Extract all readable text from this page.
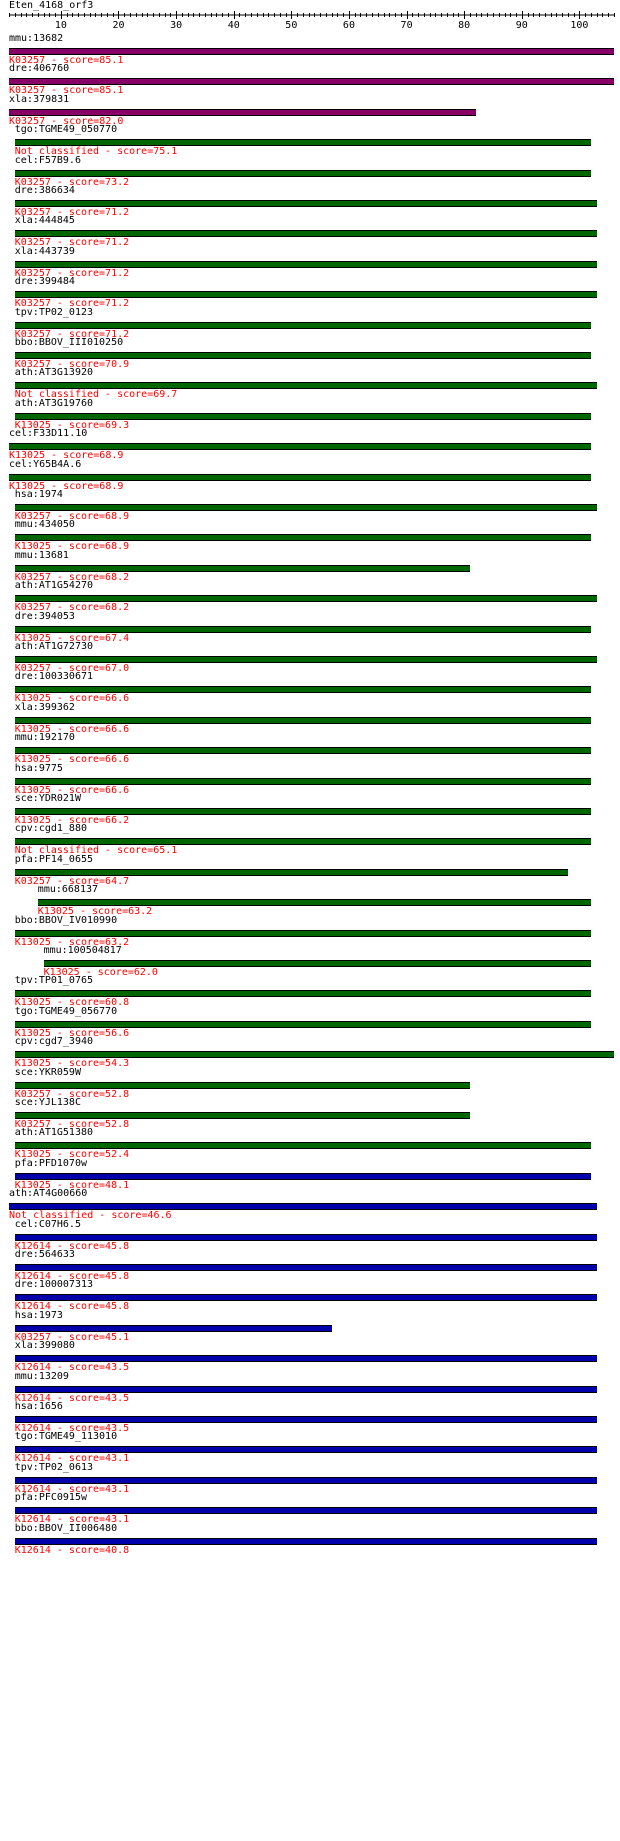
Eten_4168_orf3
10	20	30	40	50	60	70	80	90	100
mmu:13682
K03257 - score=85.1
dre:406760
K03257 - score=85.1
xla:379831
K03257 - score=82.0
tgo:TGME49_050770
Not classified - score=75.1
cel:F57B9.6
K03257 - score=73.2
dre:386634
K03257 - score=71.2
xla:444845
K03257 - score=71.2
xla:443739
K03257 - score=71.2
dre:399484
K03257 - score=71.2
tpv:TP02_0123
K03257 - score=71.2
bbo:BBOV_III010250
K03257 - score=70.9
ath:AT3G13920
Not classified - score=69.7
ath:AT3G19760
K13025 - score=69.3
cel:F33D11.10
K13025 - score=68.9
cel:Y65B4A.6
K13025 - score=68.9
hsa:1974
K03257 - score=68.9
mmu:434050
K13025 - score=68.9
mmu:13681
K03257 - score=68.2
ath:AT1G54270
K03257 - score=68.2
dre:394053
K13025 - score=67.4
ath:AT1G72730
K03257 - score=67.0
dre:100330671
K13025 - score=66.6
xla:399362
K13025 - score=66.6
mmu:192170
K13025 - score=66.6
hsa:9775
K13025 - score=66.6
sce:YDR021W
K13025 - score=66.2
cpv:cgd1_880
Not classified - score=65.1
pfa:PF14_0655
K03257 - score=64.7
mmu:668137
K13025 - score=63.2
bbo:BBOV_IV010990
K13025 - score=63.2
mmu:100504817
K13025 - score=62.0
tpv:TP01_0765
K13025 - score=60.8
tgo:TGME49_056770
K13025 - score=56.6
cpv:cgd7_3940
K13025 - score=54.3
sce:YKR059W
K03257 - score=52.8
sce:YJL138C
K03257 - score=52.8
ath:AT1G51380
K13025 - score=52.4
pfa:PFD1070w
K13025 - score=48.1
ath:AT4G00660
Not classified - score=46.6
cel:C07H6.5
K12614 - score=45.8
dre:564633
K12614 - score=45.8
dre:100007313
K12614 - score=45.8
hsa:1973
K03257 - score=45.1
xla:399080
K12614 - score=43.5
mmu:13209
K12614 - score=43.5
hsa:1656
K12614 - score=43.5
tgo:TGME49_113010
K12614 - score=43.1
tpv:TP02_0613
K12614 - score=43.1
pfa:PFC0915w
K12614 - score=43.1
bbo:BBOV_II006480
K12614 - score=40.8
